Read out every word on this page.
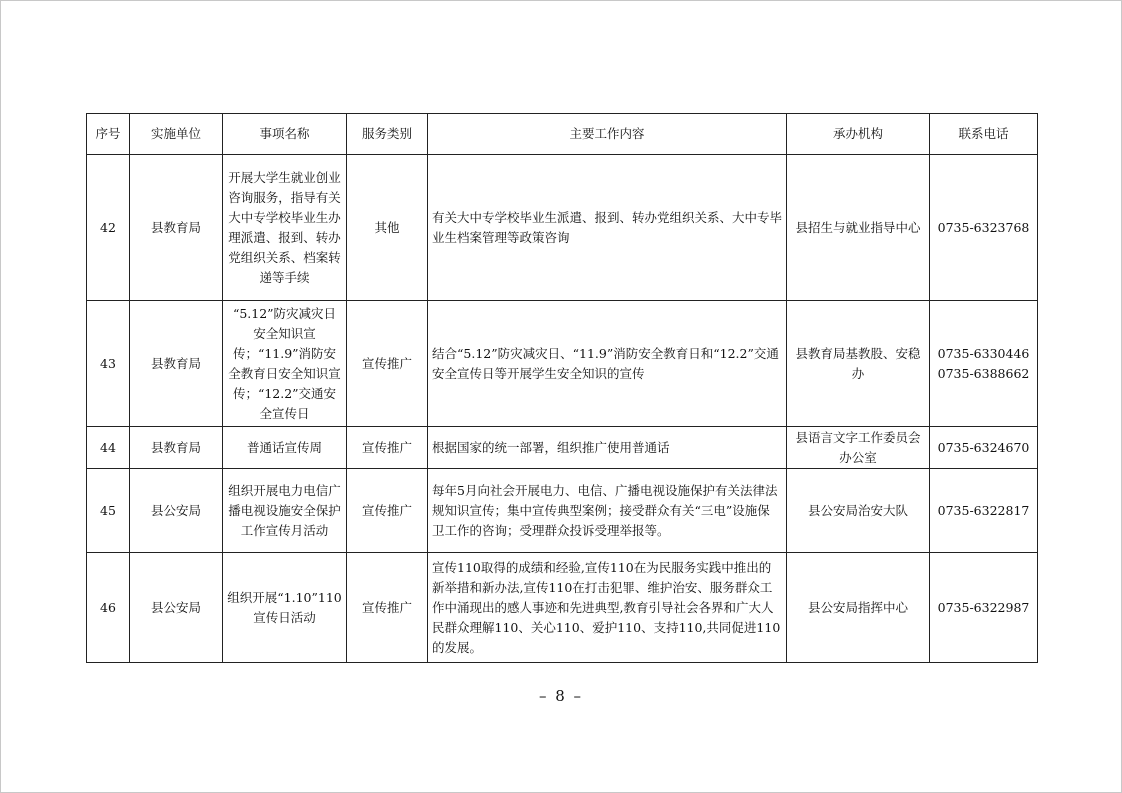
序号	实施单位	事项名称	服务类别	主要工作内容	承办机构	联系电话
42	县教育局	开展大学生就业创业咨询服务，指导有关大中专学校毕业生办理派遣、报到、转办党组织关系、档案转递等手续	其他	有关大中专学校毕业生派遣、报到、转办党组织关系、大中专毕业生档案管理等政策咨询	县招生与就业指导中心	0735-6323768

43	县教育局	“5.12”防灾减灾日安全知识宣传；“11.9”消防安全教育日安全知识宣传；“12.2”交通安全宣传日	宣传推广	结合“5.12”防灾减灾日、“11.9”消防安全教育日和“12.2”交通安全宣传日等开展学生安全知识的宣传	县教育局基教股、安稳办	0735-6330446
0735-6388662

44	县教育局	普通话宣传周	宣传推广	根据国家的统一部署，组织推广使用普通话	县语言文字工作委员会办公室	0735-6324670

45	县公安局	组织开展电力电信广播电视设施安全保护工作宣传月活动	宣传推广	每年5月向社会开展电力、电信、广播电视设施保护有关法律法规知识宣传；集中宣传典型案例；接受群众有关“三电”设施保卫工作的咨询；受理群众投诉受理举报等。	县公安局治安大队	0735-6322817

46	县公安局	组织开展“1.10”110宣传日活动	宣传推广	宣传110取得的成绩和经验,宣传110在为民服务实践中推出的新举措和新办法,宣传110在打击犯罪、维护治安、服务群众工作中涌现出的感人事迹和先进典型,教育引导社会各界和广大人民群众理解110、关心110、爱护110、支持110,共同促进110的发展。	县公安局指挥中心	0735-6322987
– 8 –
